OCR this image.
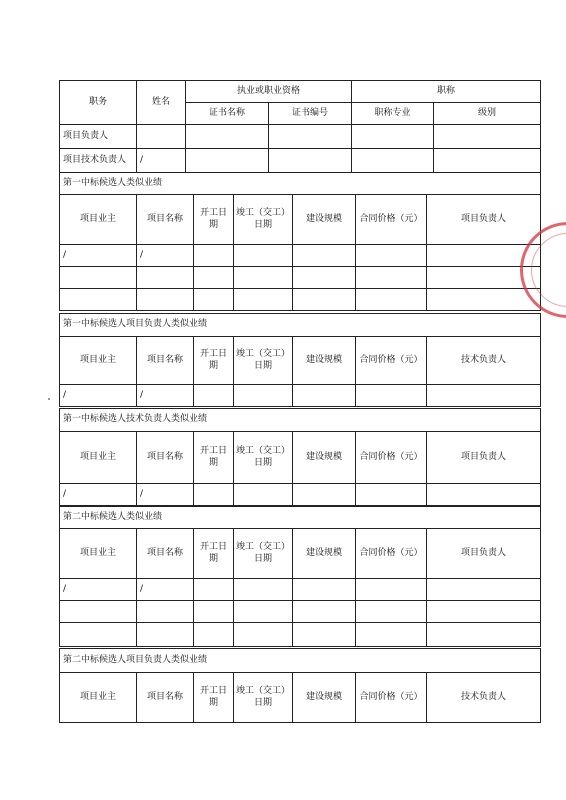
职务	姓名	执业或职业资格		职称	
		证书名称	证书编号	职称专业	级别
项目负责人					
项目技术负责人	/				
第一中标候选人类似业绩						
项目业主	项目名称	开工日期	竣工（交工）日期	建设规模	合同价格（元）	项目负责人
/	/					

第一中标候选人项目负责人类似业绩						
项目业主	项目名称	开工日期	竣工（交工）日期	建设规模	合同价格（元）	技术负责人
/	/					
第一中标候选人技术负责人类似业绩						
项目业主	项目名称	开工日期	竣工（交工）日期	建设规模	合同价格（元）	项目负责人
/	/					
第二中标候选人类似业绩						
项目业主	项目名称	开工日期	竣工（交工）日期	建设规模	合同价格（元）	项目负责人
/	/					

第二中标候选人项目负责人类似业绩
项目业主	项目名称	开工日期	竣工（交工）日期	建设规模	合同价格（元）	技术负责人
